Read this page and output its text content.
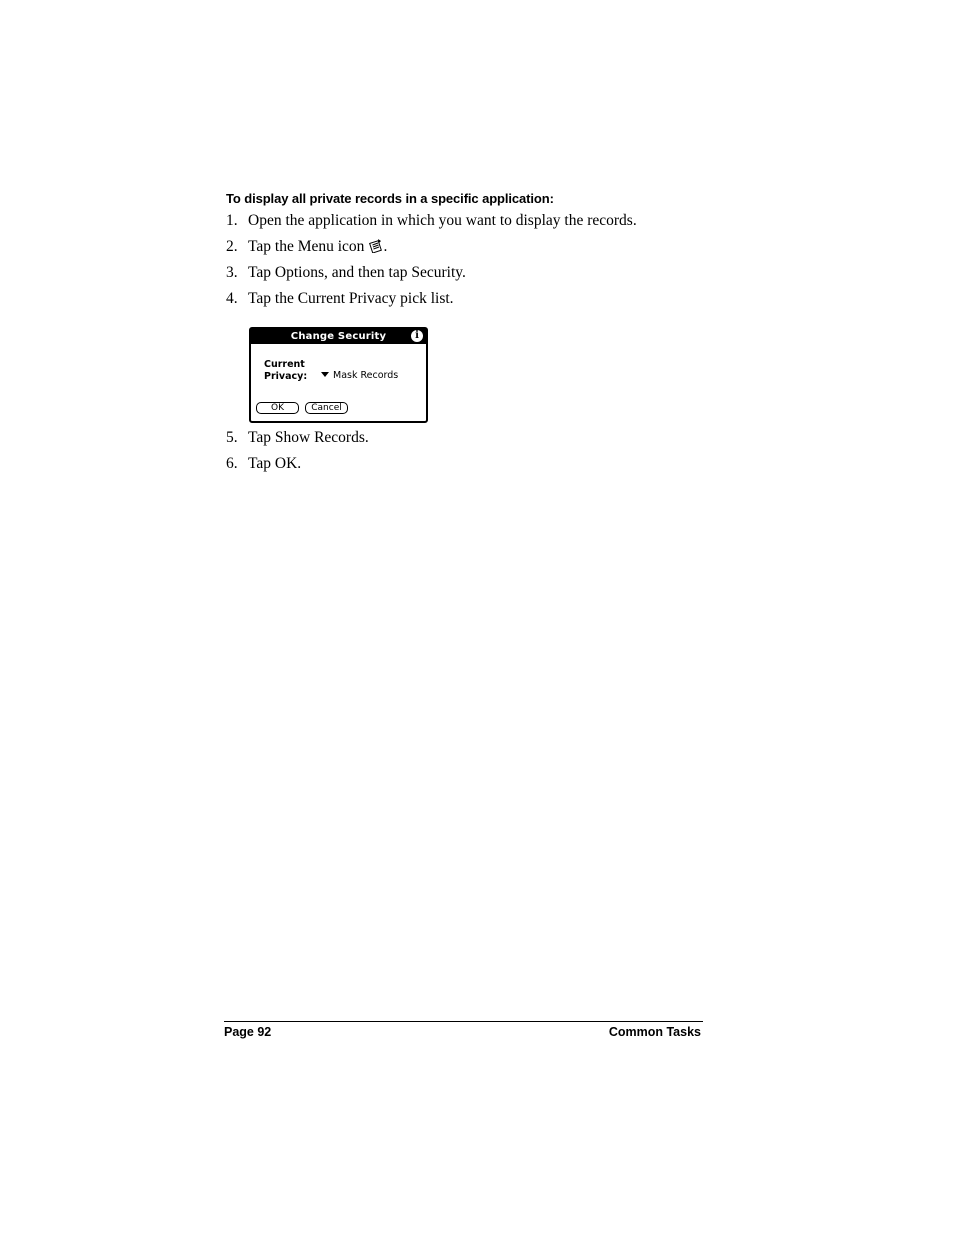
To display all private records in a specific application:
1. Open the application in which you want to display the records.
2. Tap the Menu icon .
3. Tap Options, and then tap Security.
4. Tap the Current Privacy pick list.
Change Security	i
Current
Privacy:	Mask Records
OK	Cancel
5. Tap Show Records.
6. Tap OK.
Page 92	Common Tasks
